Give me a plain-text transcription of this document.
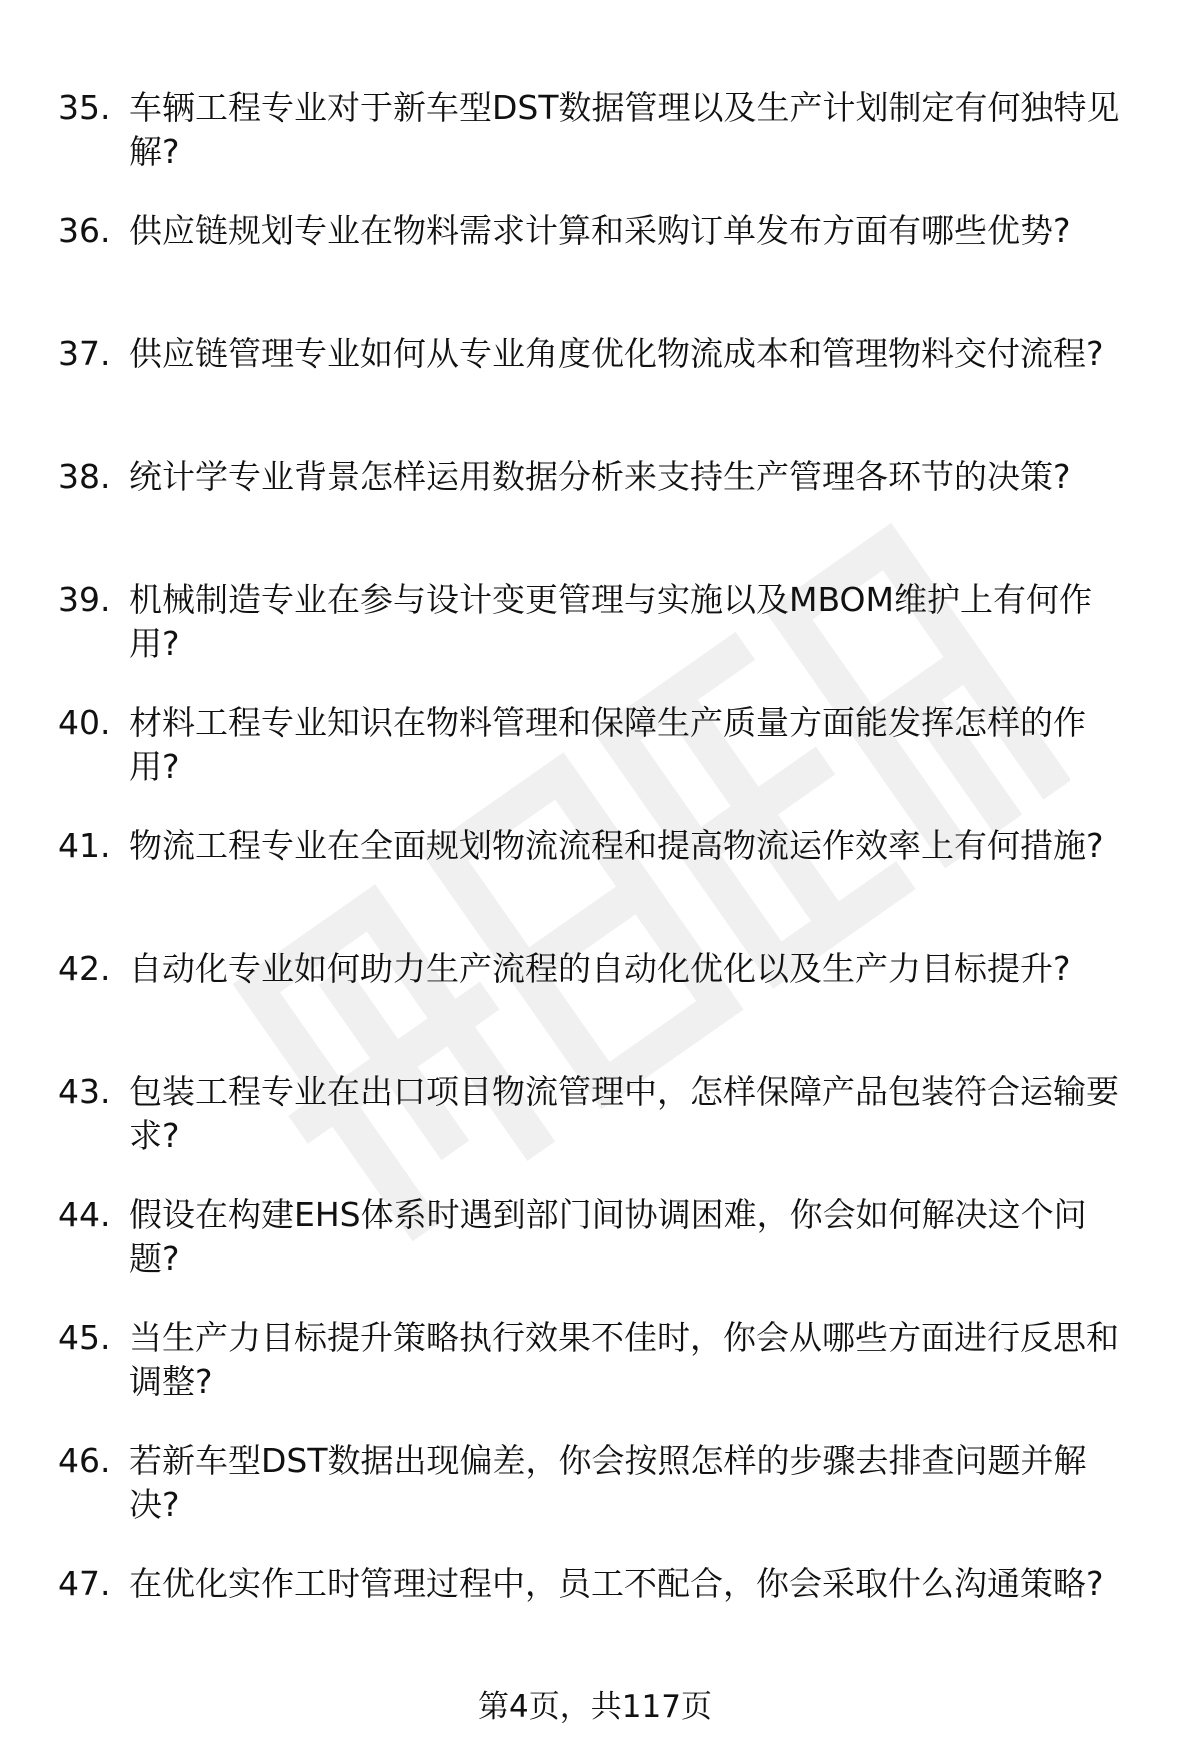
35. 车辆工程专业对于新车型DST数据管理以及生产计划制定有何独特见解?
36. 供应链规划专业在物料需求计算和采购订单发布方面有哪些优势?
37. 供应链管理专业如何从专业角度优化物流成本和管理物料交付流程?
38. 统计学专业背景怎样运用数据分析来支持生产管理各环节的决策?
39. 机械制造专业在参与设计变更管理与实施以及MBOM维护上有何作用?
40. 材料工程专业知识在物料管理和保障生产质量方面能发挥怎样的作用?
41. 物流工程专业在全面规划物流流程和提高物流运作效率上有何措施?
42. 自动化专业如何助力生产流程的自动化优化以及生产力目标提升?
43. 包装工程专业在出口项目物流管理中，怎样保障产品包装符合运输要求?
44. 假设在构建EHS体系时遇到部门间协调困难，你会如何解决这个问题?
45. 当生产力目标提升策略执行效果不佳时，你会从哪些方面进行反思和调整?
46. 若新车型DST数据出现偏差，你会按照怎样的步骤去排查问题并解决?
47. 在优化实作工时管理过程中，员工不配合，你会采取什么沟通策略?
第4页，共117页
